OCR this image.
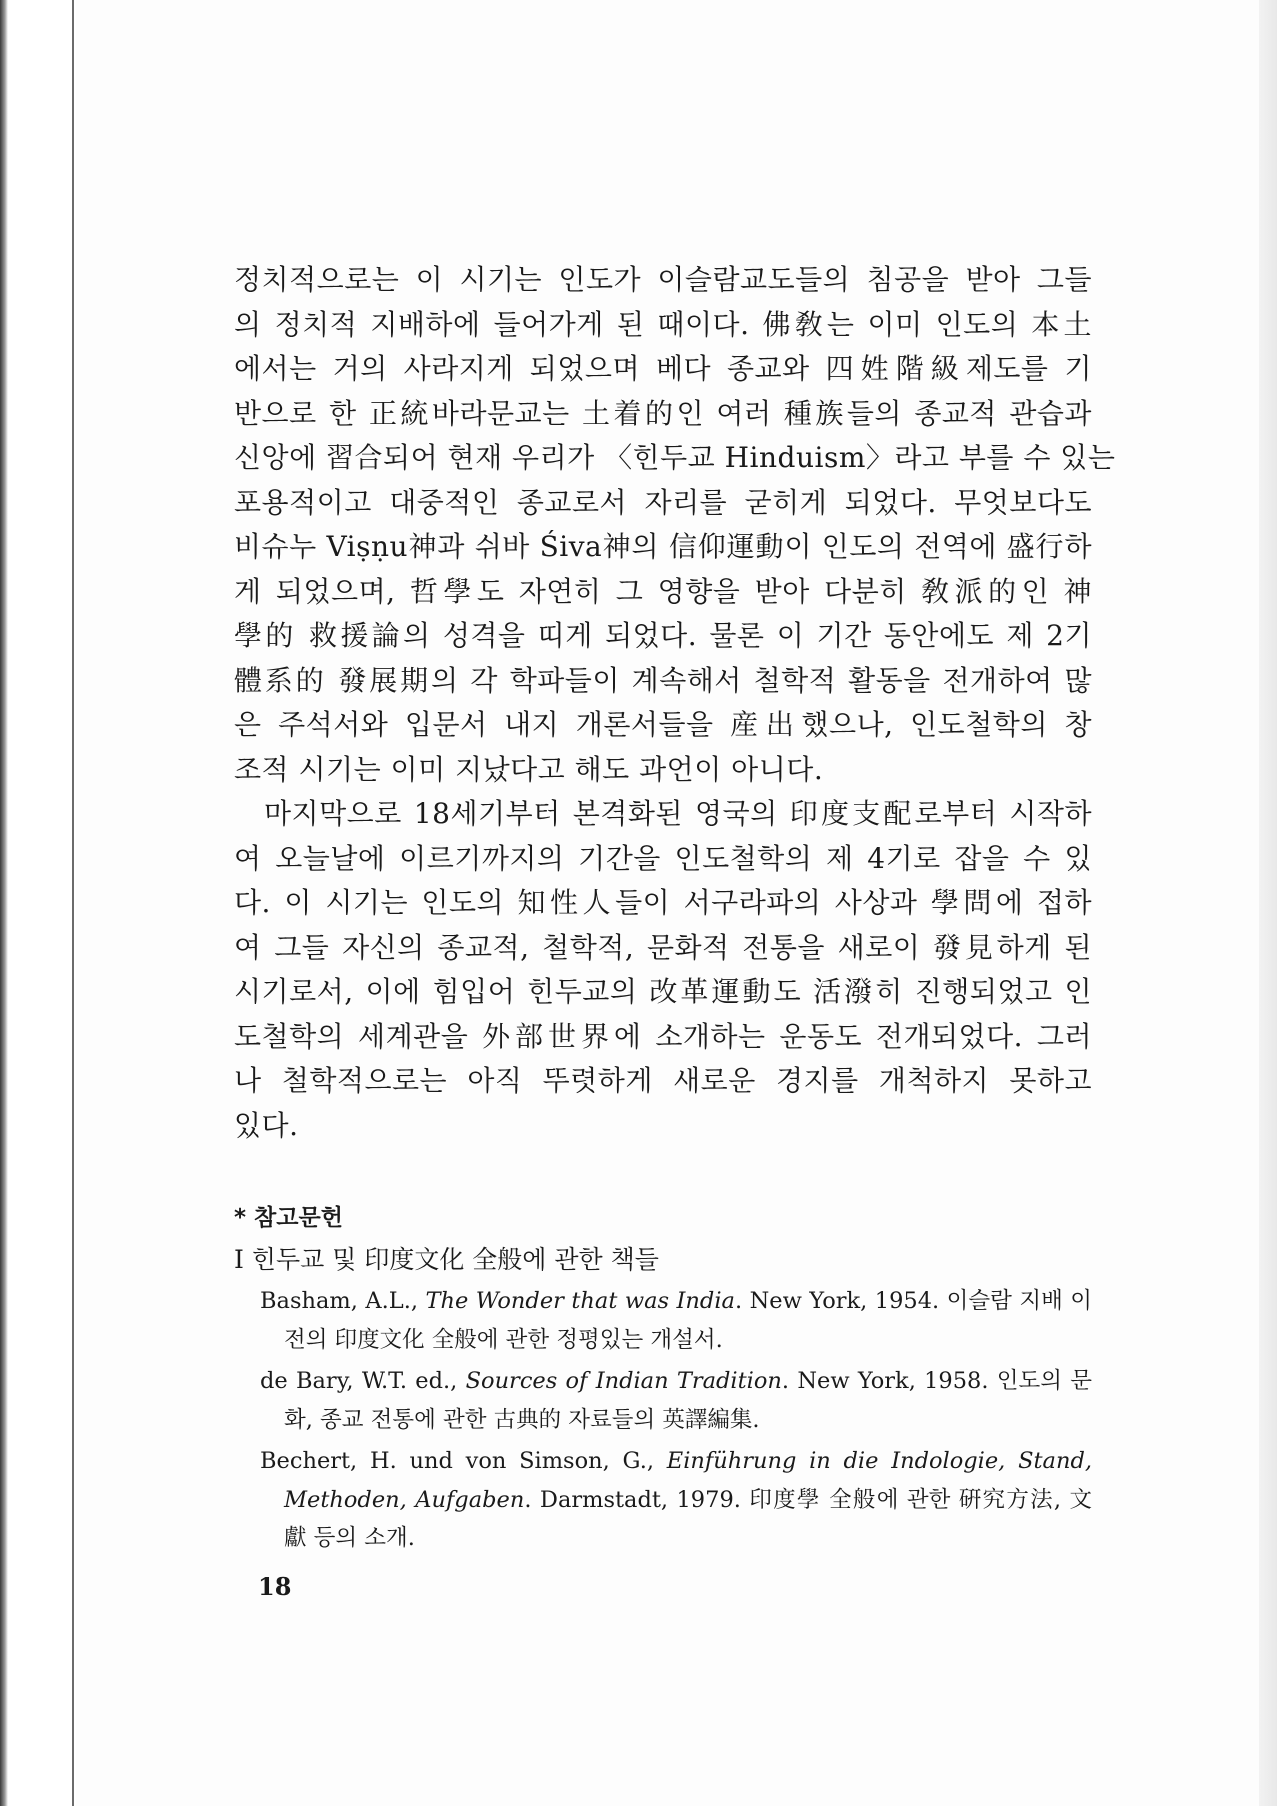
정치적으로는 이 시기는 인도가 이슬람교도들의 침공을 받아 그들
의 정치적 지배하에 들어가게 된 때이다. 佛敎는 이미 인도의 本土
에서는 거의 사라지게 되었으며 베다 종교와 四姓階級제도를 기
반으로 한 正統바라문교는 土着的인 여러 種族들의 종교적 관습과
신앙에 習合되어 현재 우리가 〈힌두교 Hinduism〉라고 부를 수 있는
포용적이고 대중적인 종교로서 자리를 굳히게 되었다. 무엇보다도
비슈누 Viṣṇu神과 쉬바 Śiva神의 信仰運動이 인도의 전역에 盛行하
게 되었으며, 哲學도 자연히 그 영향을 받아 다분히 敎派的인 神
學的 救援論의 성격을 띠게 되었다. 물론 이 기간 동안에도 제 2기
體系的 發展期의 각 학파들이 계속해서 철학적 활동을 전개하여 많
은 주석서와 입문서 내지 개론서들을 産出했으나, 인도철학의 창
조적 시기는 이미 지났다고 해도 과언이 아니다.
마지막으로 18세기부터 본격화된 영국의 印度支配로부터 시작하
여 오늘날에 이르기까지의 기간을 인도철학의 제 4기로 잡을 수 있
다. 이 시기는 인도의 知性人들이 서구라파의 사상과 學問에 접하
여 그들 자신의 종교적, 철학적, 문화적 전통을 새로이 發見하게 된
시기로서, 이에 힘입어 힌두교의 改革運動도 活潑히 진행되었고 인
도철학의 세계관을 外部世界에 소개하는 운동도 전개되었다. 그러
나 철학적으로는 아직 뚜렷하게 새로운 경지를 개척하지 못하고
있다.
* 참고문헌
I 힌두교 및 印度文化 全般에 관한 책들
Basham, A.L., The Wonder that was India. New York, 1954. 이슬람 지배 이전의 印度文化 全般에 관한 정평있는 개설서.
de Bary, W.T. ed., Sources of Indian Tradition. New York, 1958. 인도의 문화, 종교 전통에 관한 古典的 자료들의 英譯編集.
Bechert, H. und von Simson, G., Einführung in die Indologie, Stand, Methoden, Aufgaben. Darmstadt, 1979. 印度學 全般에 관한 硏究方法, 文獻 등의 소개.
18
